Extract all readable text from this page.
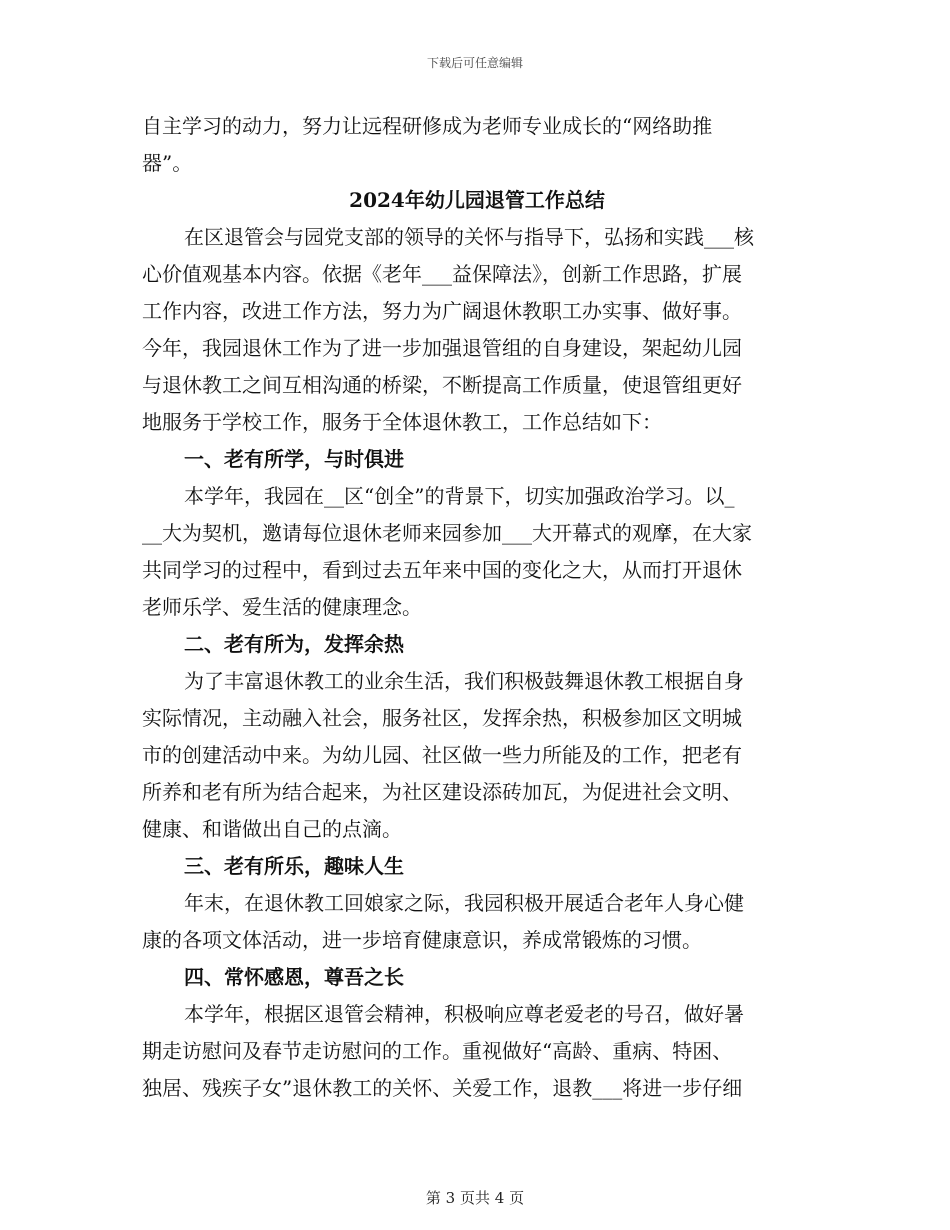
下载后可任意编辑
自主学习的动力，努力让远程研修成为老师专业成长的“网络助推
器”。
2024年幼儿园退管工作总结
在区退管会与园党支部的领导的关怀与指导下，弘扬和实践___核
心价值观基本内容。依据《老年___益保障法》，创新工作思路，扩展
工作内容，改进工作方法，努力为广阔退休教职工办实事、做好事。
今年，我园退休工作为了进一步加强退管组的自身建设，架起幼儿园
与退休教工之间互相沟通的桥梁，不断提高工作质量，使退管组更好
地服务于学校工作，服务于全体退休教工，工作总结如下：
一、老有所学，与时俱进
本学年，我园在__区“创全”的背景下，切实加强政治学习。以_
__大为契机，邀请每位退休老师来园参加___大开幕式的观摩，在大家
共同学习的过程中，看到过去五年来中国的变化之大，从而打开退休
老师乐学、爱生活的健康理念。
二、老有所为，发挥余热
为了丰富退休教工的业余生活，我们积极鼓舞退休教工根据自身
实际情况，主动融入社会，服务社区，发挥余热，积极参加区文明城
市的创建活动中来。为幼儿园、社区做一些力所能及的工作，把老有
所养和老有所为结合起来，为社区建设添砖加瓦，为促进社会文明、
健康、和谐做出自己的点滴。
三、老有所乐，趣味人生
年末，在退休教工回娘家之际，我园积极开展适合老年人身心健
康的各项文体活动，进一步培育健康意识，养成常锻炼的习惯。
四、常怀感恩，尊吾之长
本学年，根据区退管会精神，积极响应尊老爱老的号召，做好暑
期走访慰问及春节走访慰问的工作。重视做好“高龄、重病、特困、
独居、残疾子女”退休教工的关怀、关爱工作，退教___将进一步仔细
第 3 页共 4 页
